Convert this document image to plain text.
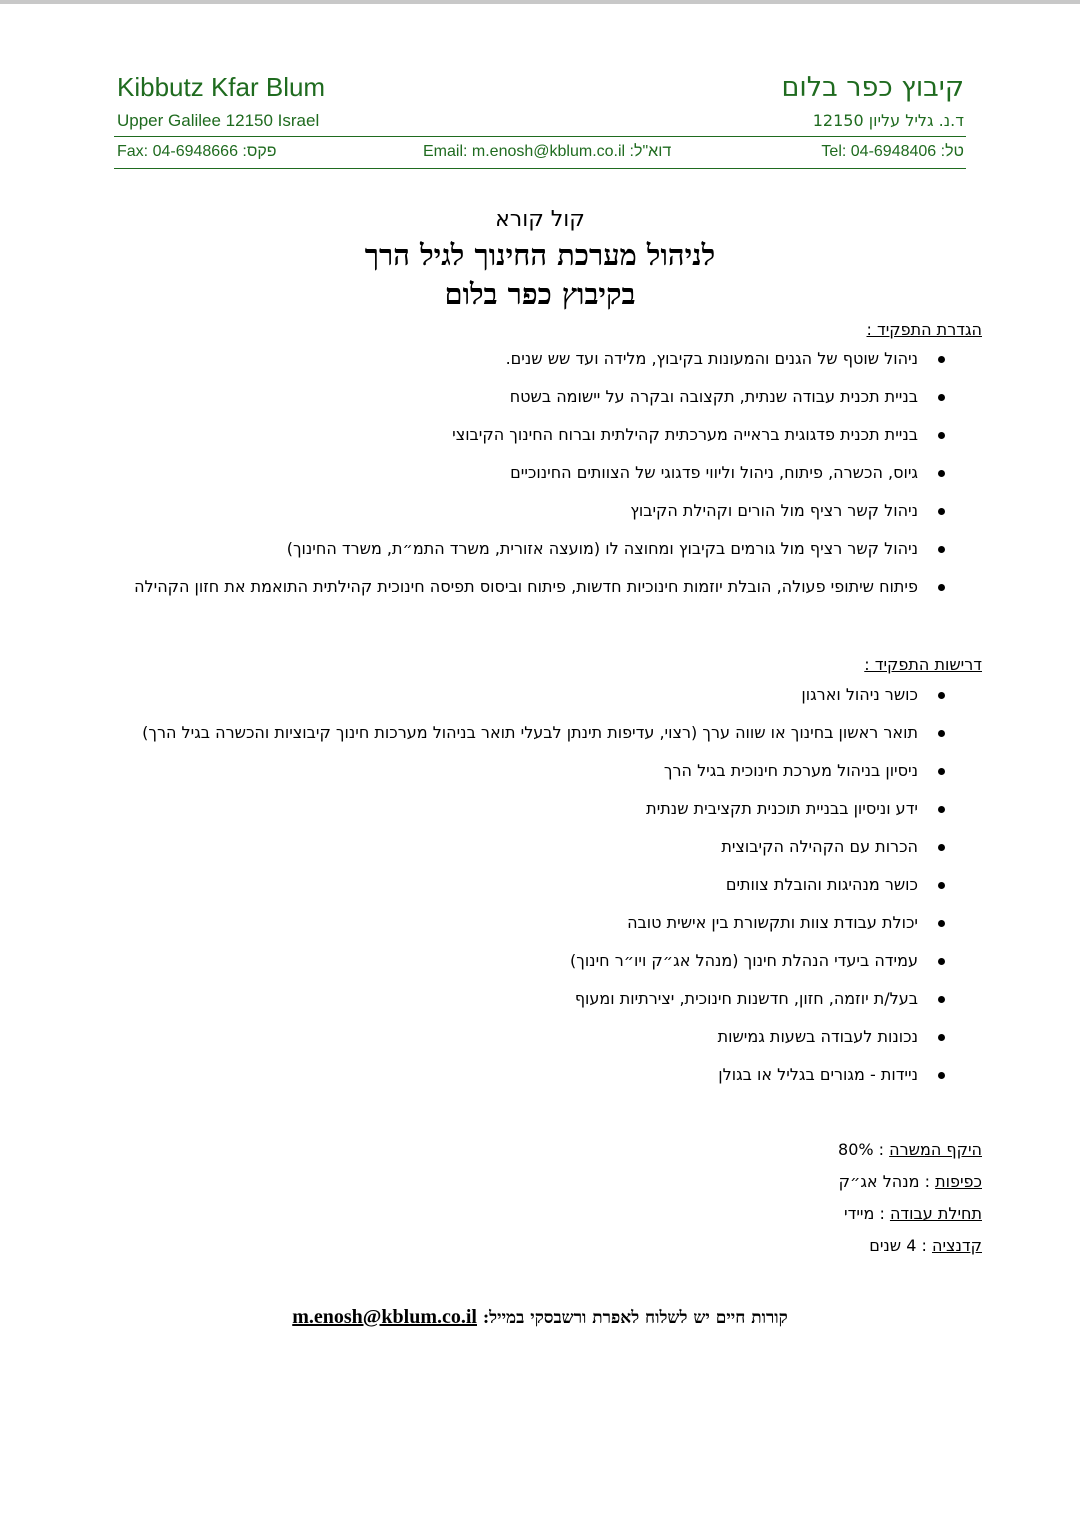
Kibbutz Kfar Blum	קיבוץ כפר בלום
Upper Galilee 12150 Israel	ד.נ. גליל עליון 12150
Fax: 04-6948666 :פקס	Email: m.enosh@kblum.co.il :דוא"ל	Tel: 04-6948406 :טל
קול קורא
לניהול מערכת החינוך לגיל הרך
בקיבוץ כפר בלום
הגדרת התפקיד :
ניהול שוטף של הגנים והמעונות בקיבוץ, מלידה ועד שש שנים.
בניית תכנית עבודה שנתית, תקצובה ובקרה על יישומה בשטח
בניית תכנית פדגוגית בראייה מערכתית קהילתית וברוח החינוך הקיבוצי
גיוס, הכשרה, פיתוח, ניהול וליווי פדגוגי של הצוותים החינוכיים
ניהול קשר רציף מול הורים וקהילת הקיבוץ
ניהול קשר רציף מול גורמים בקיבוץ ומחוצה לו (מועצה אזורית, משרד התמ״ת, משרד החינוך)
פיתוח שיתופי פעולה, הובלת יוזמות חינוכיות חדשות, פיתוח וביסוס תפיסה חינוכית קהילתית התואמת את חזון הקהילה
דרישות התפקיד :
כושר ניהול וארגון
תואר ראשון בחינוך או שווה ערך (רצוי, עדיפות תינתן לבעלי תואר בניהול מערכות חינוך קיבוציות והכשרה בגיל הרך)
ניסיון בניהול מערכת חינוכית בגיל הרך
ידע וניסיון בבניית תוכנית תקציבית שנתית
הכרות עם הקהילה הקיבוצית
כושר מנהיגות והובלת צוותים
יכולת עבודת צוות ותקשורת בין אישית טובה
עמידה ביעדי הנהלת חינוך (מנהל אג״ק ויו״ר חינוך)
בעל/ת יוזמה, חזון, חדשנות חינוכית, יצירתיות ומעוף
נכונות לעבודה בשעות גמישות
ניידות - מגורים בגליל או בגולן
היקף המשרה : 80%
כפיפות : מנהל אג״ק
תחילת עבודה : מיידי
קדנציה : 4 שנים
קורות חיים יש לשלוח לאפרת ורשבסקי במייל: m.enosh@kblum.co.il
